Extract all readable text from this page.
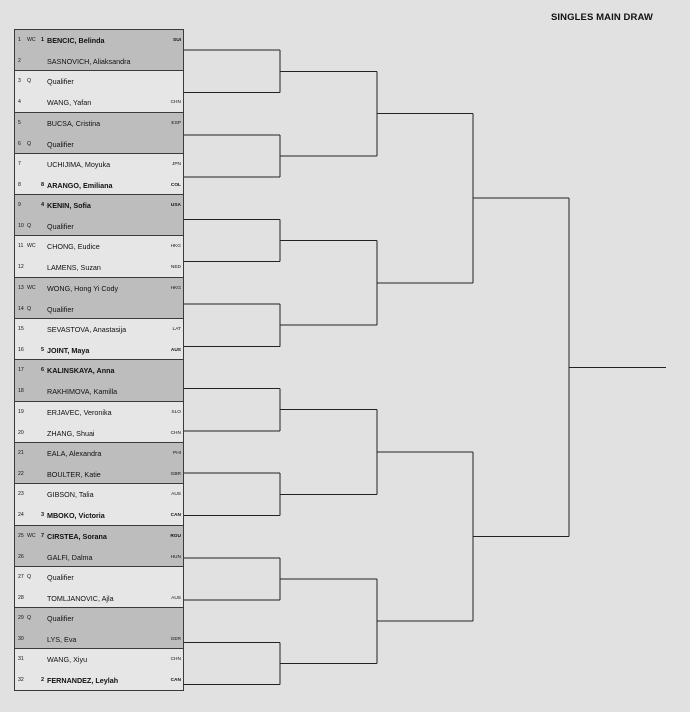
SINGLES MAIN DRAW
1 WC 1 BENCIC, Belinda	SUI
2	SASNOVICH, Aliaksandra
3 Q Qualifier
4	WANG, Yafan	CHN
5	BUCSA, Cristina	ESP
6 Q Qualifier
7	UCHIJIMA, Moyuka	JPN
8	8 ARANGO, Emiliana	COL
9	4 KENIN, Sofia	USA
10 Q Qualifier
11 WC CHONG, Eudice	HKG
12	LAMENS, Suzan	NED
13 WC WONG, Hong Yi Cody	HKG
14 Q Qualifier
15	SEVASTOVA, Anastasija	LAT
16	5 JOINT, Maya	AUS
17	6 KALINSKAYA, Anna
18	RAKHIMOVA, Kamilla
19	ERJAVEC, Veronika	SLO
20	ZHANG, Shuai	CHN
21	EALA, Alexandra	PHI
22	BOULTER, Katie	GBR
23	GIBSON, Talia	AUS
24	3 MBOKO, Victoria	CAN
25 WC 7 CIRSTEA, Sorana	ROU
26	GALFI, Dalma	HUN
27 Q Qualifier
28	TOMLJANOVIC, Ajla	AUS
29 Q Qualifier
30	LYS, Eva	GER
31	WANG, Xiyu	CHN
32	2 FERNANDEZ, Leylah	CAN
